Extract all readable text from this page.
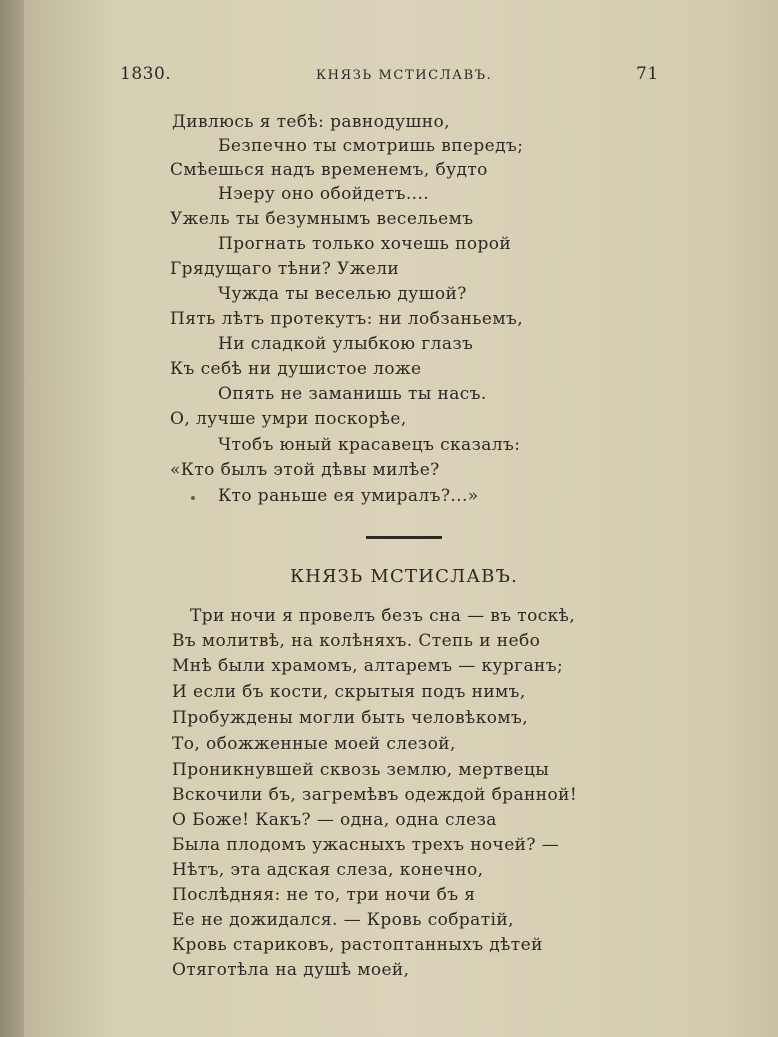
1830.	КНЯЗЬ МСТИСЛАВЪ.	71
Дивлюсь я тебѣ: равнодушно,
Безпечно ты смотришь впередъ;
Смѣешься надъ временемъ, будто
Нэеру оно обойдетъ....
Ужель ты безумнымъ весельемъ
Прогнать только хочешь порой
Грядущаго тѣни? Ужели
Чужда ты веселью душой?
Пять лѣтъ протекутъ: ни лобзаньемъ,
Ни сладкой улыбкою глазъ
Къ себѣ ни душистое ложе
Опять не заманишь ты насъ.
О, лучше умри поскорѣе,
Чтобъ юный красавецъ сказалъ:
«Кто былъ этой дѣвы милѣе?
Кто раньше ея умиралъ?...»
КНЯЗЬ МСТИСЛАВЪ.
Три ночи я провелъ безъ сна — въ тоскѣ,
Въ молитвѣ, на колѣняхъ. Степь и небо
Мнѣ были храмомъ, алтаремъ — курганъ;
И если бъ кости, скрытыя подъ нимъ,
Пробуждены могли быть человѣкомъ,
То, обожженные моей слезой,
Проникнувшей сквозь землю, мертвецы
Вскочили бъ, загремѣвъ одеждой бранной!
О Боже! Какъ? — одна, одна слеза
Была плодомъ ужасныхъ трехъ ночей? —
Нѣтъ, эта адская слеза, конечно,
Послѣдняя: не то, три ночи бъ я
Ее не дожидался. — Кровь собратій,
Кровь стариковъ, растоптанныхъ дѣтей
Отяготѣла на душѣ моей,
